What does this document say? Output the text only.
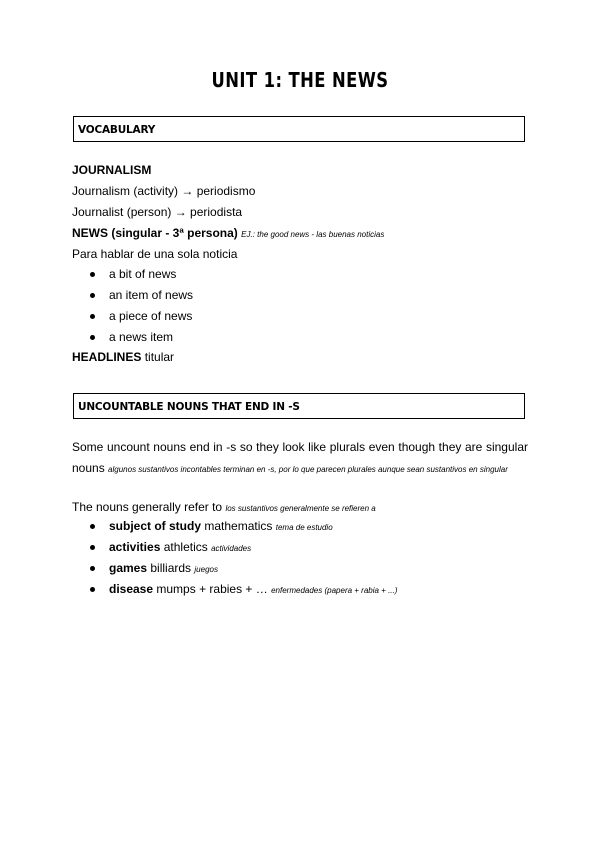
UNIT 1: THE NEWS
VOCABULARY
JOURNALISM
Journalism (activity) → periodismo
Journalist (person) → periodista
NEWS (singular - 3ª persona) EJ.: the good news - las buenas noticias
Para hablar de una sola noticia
a bit of news
an item of news
a piece of news
a news item
HEADLINES titular
UNCOUNTABLE NOUNS THAT END IN -S
Some uncount nouns end in -s so they look like plurals even though they are singular nouns algunos sustantivos incontables terminan en -s, por lo que parecen plurales aunque sean sustantivos en singular
The nouns generally refer to los sustantivos generalmente se refieren a
subject of study mathematics tema de estudio
activities athletics actividades
games billiards juegos
disease mumps + rabies + … enfermedades (papera + rabia + ...)
